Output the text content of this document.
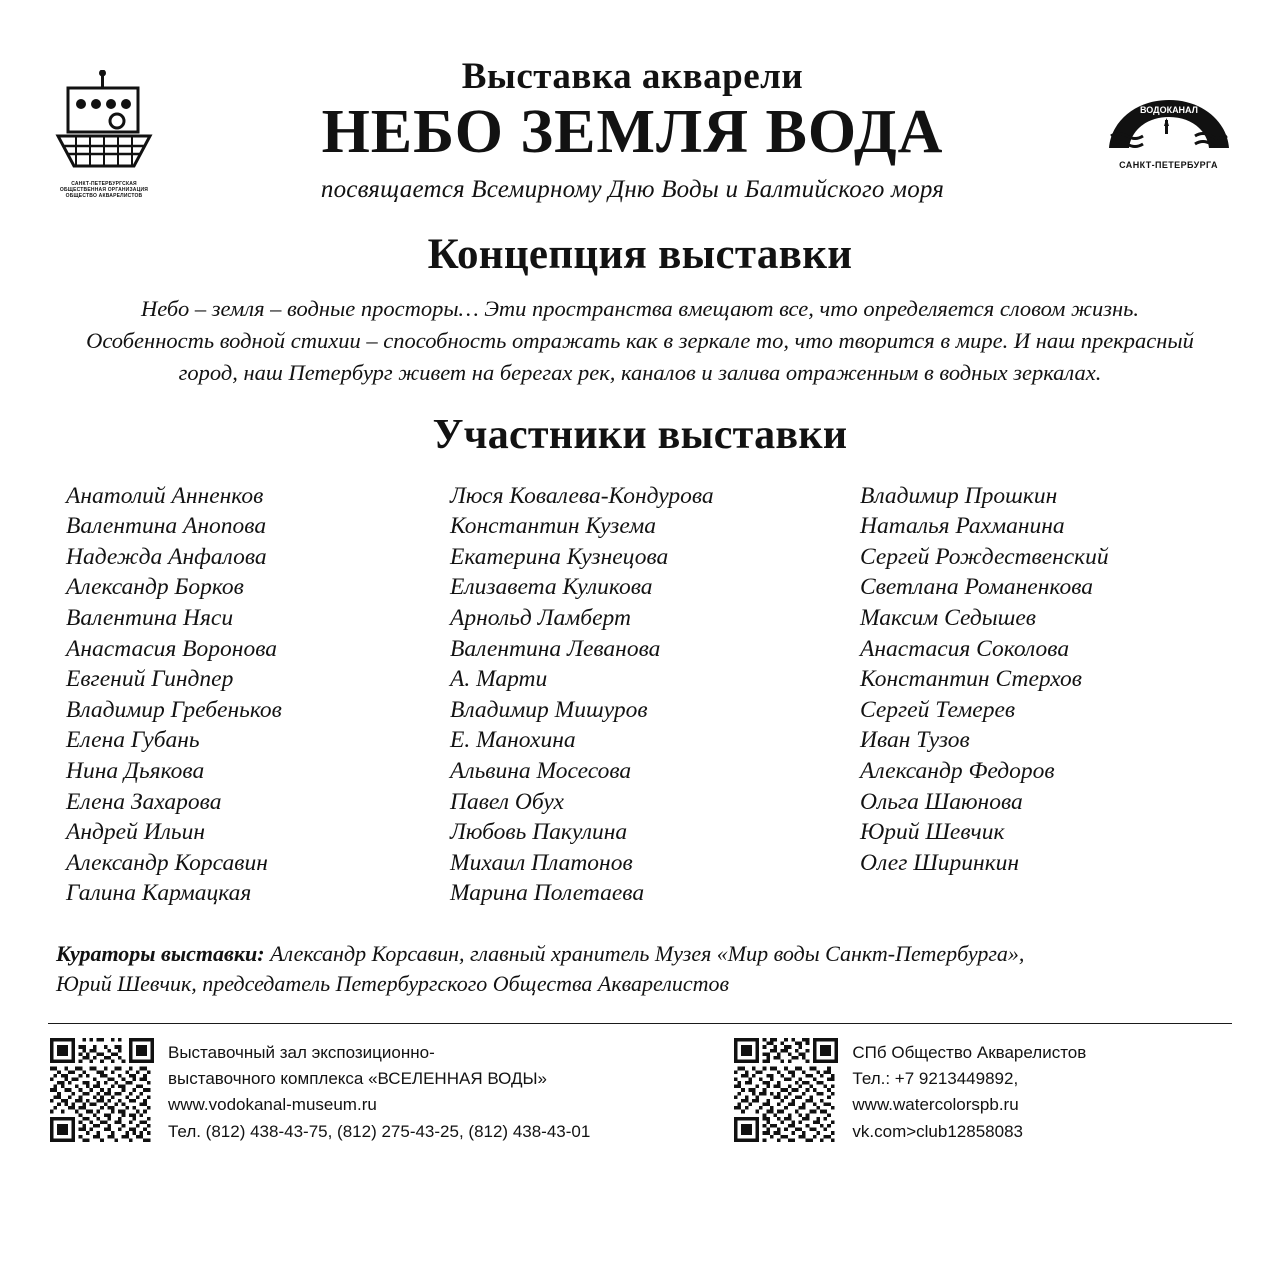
САНКТ-ПЕТЕРБУРГСКАЯ ОБЩЕСТВЕННАЯ ОРГАНИЗАЦИЯ ОБЩЕСТВО АКВАРЕЛИСТОВ
Выставка акварели
НЕБО ЗЕМЛЯ ВОДА
посвящается Всемирному Дню Воды и Балтийского моря
ВОДОКАНАЛ
САНКТ-ПЕТЕРБУРГА
Концепция выставки
Небо – земля – водные просторы… Эти пространства вмещают все, что определяется словом жизнь. Особенность водной стихии – способность отражать как в зеркале то, что творится в мире. И наш прекрасный город, наш Петербург живет на берегах рек, каналов и залива отраженным в водных зеркалах.
Участники выставки
Анатолий Анненков
Валентина Анопова
Надежда Анфалова
Александр Борков
Валентина Няси
Анастасия Воронова
Евгений Гиндпер
Владимир Гребеньков
Елена Губань
Нина Дьякова
Елена Захарова
Андрей Ильин
Александр Корсавин
Галина Кармацкая
Люся Ковалева-Кондурова
Константин Кузема
Екатерина Кузнецова
Елизавета Куликова
Арнольд Ламберт
Валентина Леванова
А. Марти
Владимир Мишуров
Е. Манохина
Альвина Мосесова
Павел Обух
Любовь Пакулина
Михаил Платонов
Марина Полетаева
Владимир Прошкин
Наталья Рахманина
Сергей Рождественский
Светлана Романенкова
Максим Седышев
Анастасия Соколова
Константин Стерхов
Сергей Темерев
Иван Тузов
Александр Федоров
Ольга Шаюнова
Юрий Шевчик
Олег Ширинкин
Кураторы выставки: Александр Корсавин, главный хранитель Музея «Мир воды Санкт-Петербурга»,
Юрий Шевчик, председатель Петербургского Общества Акварелистов
Выставочный зал экспозиционно-
выставочного комплекса «ВСЕЛЕННАЯ ВОДЫ»
www.vodokanal-museum.ru
Тел. (812) 438-43-75, (812) 275-43-25, (812) 438-43-01
СПб Общество Акварелистов
Тел.: +7 9213449892,
www.watercolorspb.ru
vk.com>club12858083
